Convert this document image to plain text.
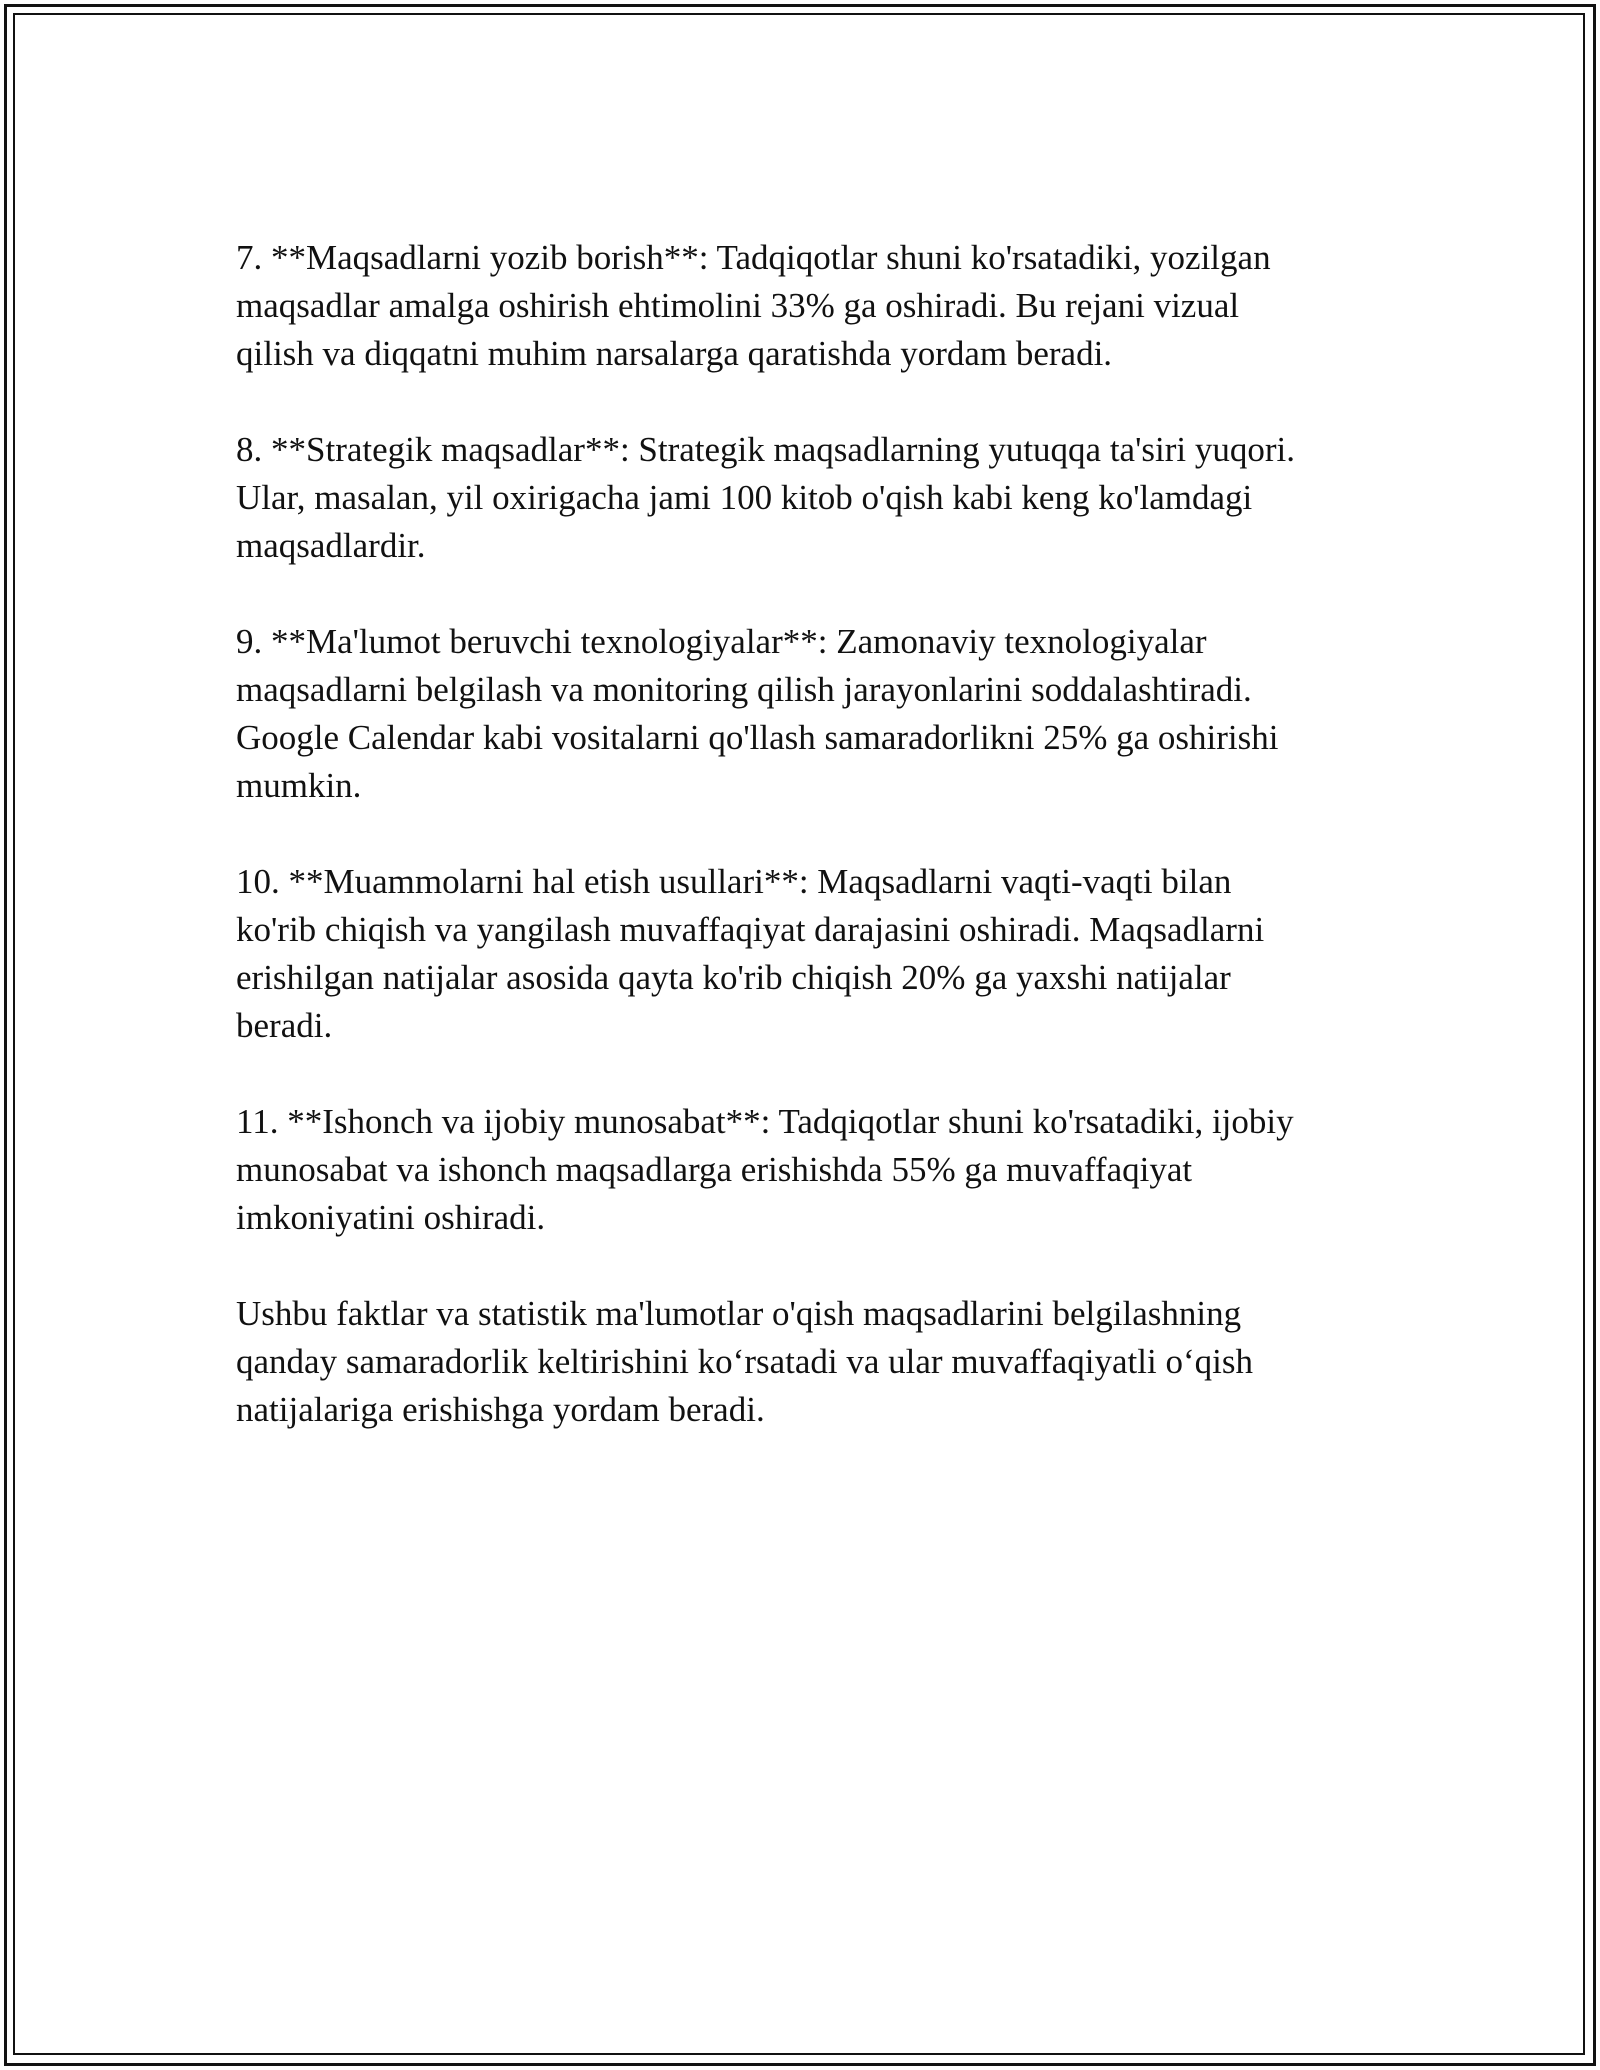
7. **Maqsadlarni yozib borish**: Tadqiqotlar shuni ko'rsatadiki, yozilgan
maqsadlar amalga oshirish ehtimolini 33% ga oshiradi. Bu rejani vizual
qilish va diqqatni muhim narsalarga qaratishda yordam beradi.

8. **Strategik maqsadlar**: Strategik maqsadlarning yutuqqa ta'siri yuqori.
Ular, masalan, yil oxirigacha jami 100 kitob o'qish kabi keng ko'lamdagi
maqsadlardir.

9. **Ma'lumot beruvchi texnologiyalar**: Zamonaviy texnologiyalar
maqsadlarni belgilash va monitoring qilish jarayonlarini soddalashtiradi.
Google Calendar kabi vositalarni qo'llash samaradorlikni 25% ga oshirishi
mumkin.

10. **Muammolarni hal etish usullari**: Maqsadlarni vaqti-vaqti bilan
ko'rib chiqish va yangilash muvaffaqiyat darajasini oshiradi. Maqsadlarni
erishilgan natijalar asosida qayta ko'rib chiqish 20% ga yaxshi natijalar
beradi.

11. **Ishonch va ijobiy munosabat**: Tadqiqotlar shuni ko'rsatadiki, ijobiy
munosabat va ishonch maqsadlarga erishishda 55% ga muvaffaqiyat
imkoniyatini oshiradi.

Ushbu faktlar va statistik ma'lumotlar o'qish maqsadlarini belgilashning
qanday samaradorlik keltirishini koʻrsatadi va ular muvaffaqiyatli oʻqish
natijalariga erishishga yordam beradi.
